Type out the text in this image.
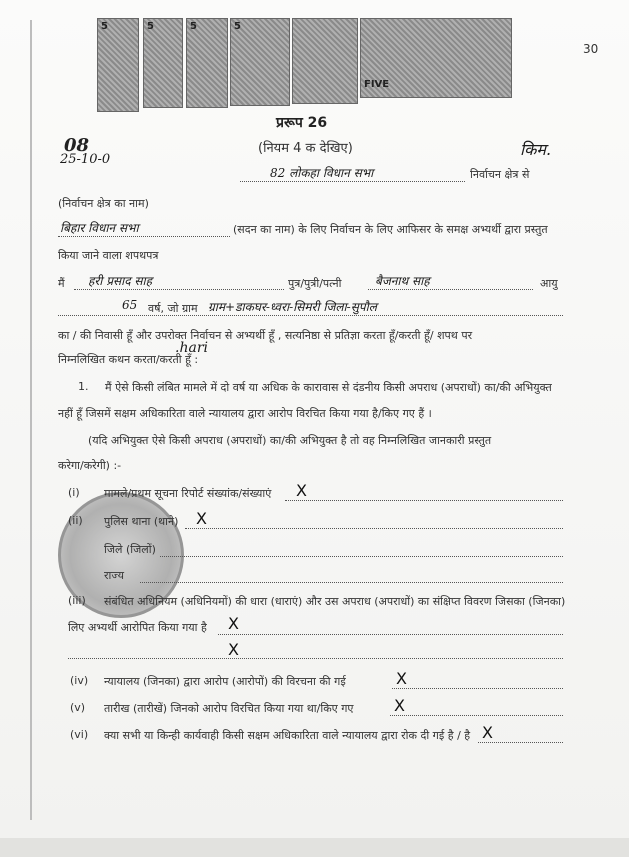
5	5	5	5
FIVE
30
08
25-10-0
किम.
प्ररूप 26
(नियम 4 क देखिए)
82 लोकहा विधान सभा	निर्वाचन क्षेत्र से
(निर्वाचन क्षेत्र का नाम)
बिहार विधान सभा	(सदन का नाम) के लिए निर्वाचन के लिए आफिसर के समक्ष अभ्यर्थी द्वारा प्रस्तुत
किया जाने वाला शपथपत्र
मैं हरी प्रसाद साह	पुत्र/पुत्री/पत्नी	बैजनाथ साह	आयु
65 वर्ष, जो ग्राम ग्राम+डाकघर-ध्वरा-सिमरी जिला-सुपौल
का / की निवासी हूँ और उपरोक्त निर्वाचन से अभ्यर्थी हूँ , सत्यनिष्ठा से प्रतिज्ञा करता हूँ/करती हूँ/ शपथ पर
निम्नलिखित कथन करता/करती हूँ :
.hari
1. मैं ऐसे किसी लंबित मामले में दो वर्ष या अधिक के कारावास से दंडनीय किसी अपराध (अपराधों) का/की अभियुक्त
नहीं हूँ जिसमें सक्षम अधिकारिता वाले न्यायालय द्वारा आरोप विरचित किया गया है/किए गए हैं ।
(यदि अभियुक्त ऐसे किसी अपराध (अपराधों) का/की अभियुक्त है तो वह निम्नलिखित जानकारी प्रस्तुत
करेगा/करेगी) :-
(i) मामले/प्रथम सूचना रिपोर्ट संख्यांक/संख्याएं X
(ii) पुलिस थाना (थाने) X
जिले (जिलों)
राज्य
(iii) संबंधित अधिनियम (अधिनियमों) की धारा (धाराएं) और उस अपराध (अपराधों) का संक्षिप्त विवरण जिसका (जिनका)
लिए अभ्यर्थी आरोपित किया गया है X
X
(iv) न्यायालय (जिनका) द्वारा आरोप (आरोपों) की विरचना की गई	X
(v) तारीख (तारीखें) जिनको आरोप विरचित किया गया था/किए गए	X
(vi) क्या सभी या किन्ही कार्यवाही किसी सक्षम अधिकारिता वाले न्यायालय द्वारा रोक दी गई है / है X
